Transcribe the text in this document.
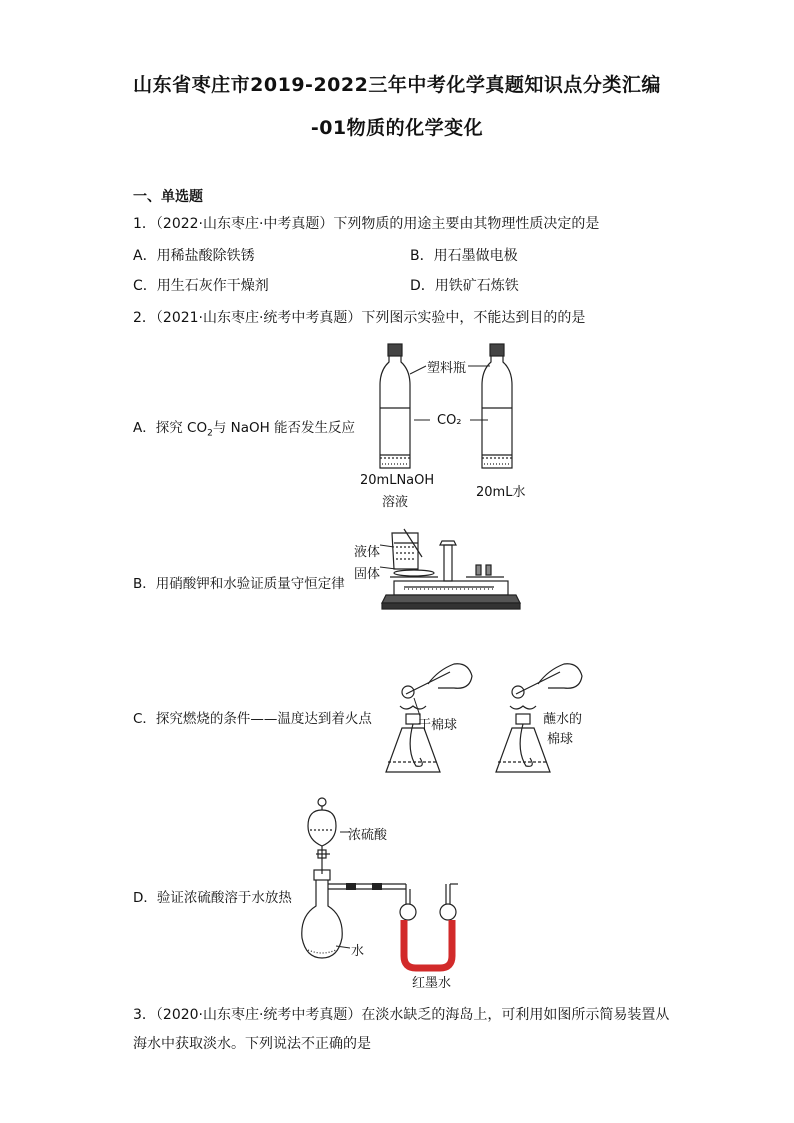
山东省枣庄市2019-2022三年中考化学真题知识点分类汇编
-01物质的化学变化
一、单选题
1．（2022·山东枣庄·中考真题）下列物质的用途主要由其物理性质决定的是
A．用稀盐酸除铁锈	B．用石墨做电极
C．用生石灰作干燥剂	D．用铁矿石炼铁
2．（2021·山东枣庄·统考中考真题）下列图示实验中，不能达到目的的是
A．探究 $CO_2$与 NaOH 能否发生反应
塑料瓶
CO₂
20mLNaOH
溶液
20mL水
B．用硝酸钾和水验证质量守恒定律
液体
固体
C．探究燃烧的条件——温度达到着火点	干棉球	蘸水的
棉球
D．验证浓硫酸溶于水放热
浓硫酸
水
红墨水
3．（2020·山东枣庄·统考中考真题）在淡水缺乏的海岛上，可利用如图所示简易装置从
海水中获取淡水。下列说法不正确的是
